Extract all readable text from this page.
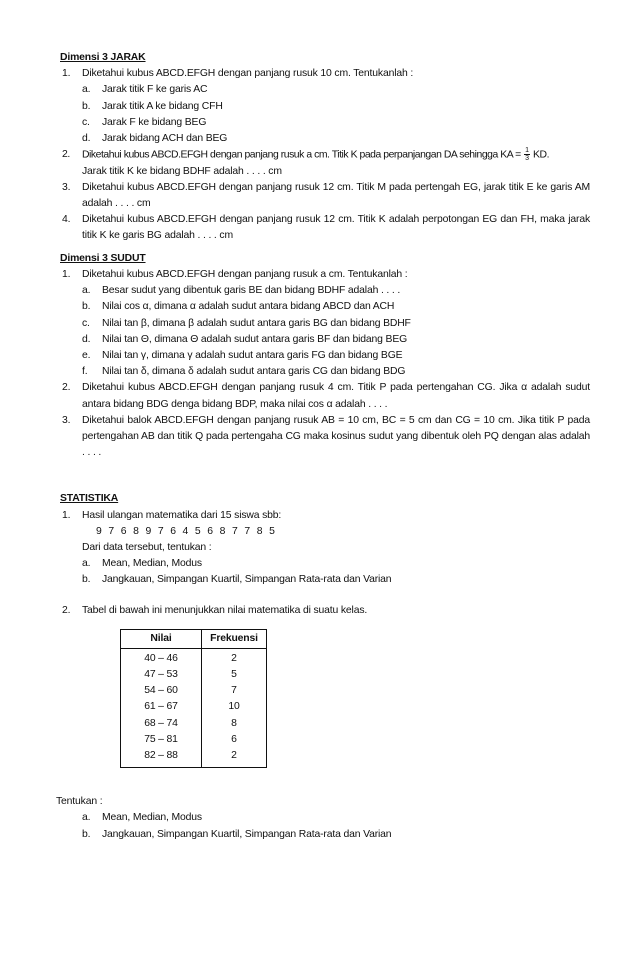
Dimensi 3 JARAK

1. Diketahui kubus ABCD.EFGH dengan panjang rusuk 10 cm. Tentukanlah :
a. Jarak titik F ke garis AC
b. Jarak titik A ke bidang CFH
c. Jarak F ke bidang BEG
d. Jarak bidang ACH dan BEG
2. Diketahui kubus ABCD.EFGH dengan panjang rusuk a cm. Titik K pada perpanjangan DA sehingga KA = $\frac{1}{3}$ KD.
Jarak titik K ke bidang BDHF adalah . . . . cm
3. Diketahui kubus ABCD.EFGH dengan panjang rusuk 12 cm. Titik M pada pertengah EG, jarak titik E ke garis AM adalah . . . . cm
4. Diketahui kubus ABCD.EFGH dengan panjang rusuk 12 cm. Titik K adalah perpotongan EG dan FH, maka jarak titik K ke garis BG adalah . . . . cm

Dimensi 3 SUDUT

1. Diketahui kubus ABCD.EFGH dengan panjang rusuk a cm. Tentukanlah :
a. Besar sudut yang dibentuk garis BE dan bidang BDHF adalah . . . .
b. Nilai cos α, dimana α adalah sudut antara bidang ABCD dan ACH
c. Nilai tan β, dimana β adalah sudut antara garis BG dan bidang BDHF
d. Nilai tan Θ, dimana Θ adalah sudut antara garis BF dan bidang BEG
e. Nilai tan γ, dimana γ adalah sudut antara garis FG dan bidang BGE
f. Nilai tan δ, dimana δ adalah sudut antara garis CG dan bidang BDG
2. Diketahui kubus ABCD.EFGH dengan panjang rusuk 4 cm. Titik P pada pertengahan CG. Jika α adalah sudut antara bidang BDG denga bidang BDP, maka nilai cos α adalah . . . .
3. Diketahui balok ABCD.EFGH dengan panjang rusuk AB = 10 cm, BC = 5 cm dan CG = 10 cm. Jika titik P pada pertengahan AB dan titik Q pada pertengaha CG maka kosinus sudut yang dibentuk oleh PQ dengan alas adalah . . . .

STATISTIKA

1. Hasil ulangan matematika dari 15 siswa sbb:
9 7 6 8 9 7 6 4 5 6 8 7 7 8 5
Dari data tersebut, tentukan :
a. Mean, Median, Modus
b. Jangkauan, Simpangan Kuartil, Simpangan Rata-rata dan Varian
2. Tabel di bawah ini menunjukkan nilai matematika di suatu kelas.
Nilai	Frekuensi
40 – 46	2
47 – 53	5
54 – 60	7
61 – 67	10
68 – 74	8
75 – 81	6
82 – 88	2
Tentukan :
a. Mean, Median, Modus
b. Jangkauan, Simpangan Kuartil, Simpangan Rata-rata dan Varian
